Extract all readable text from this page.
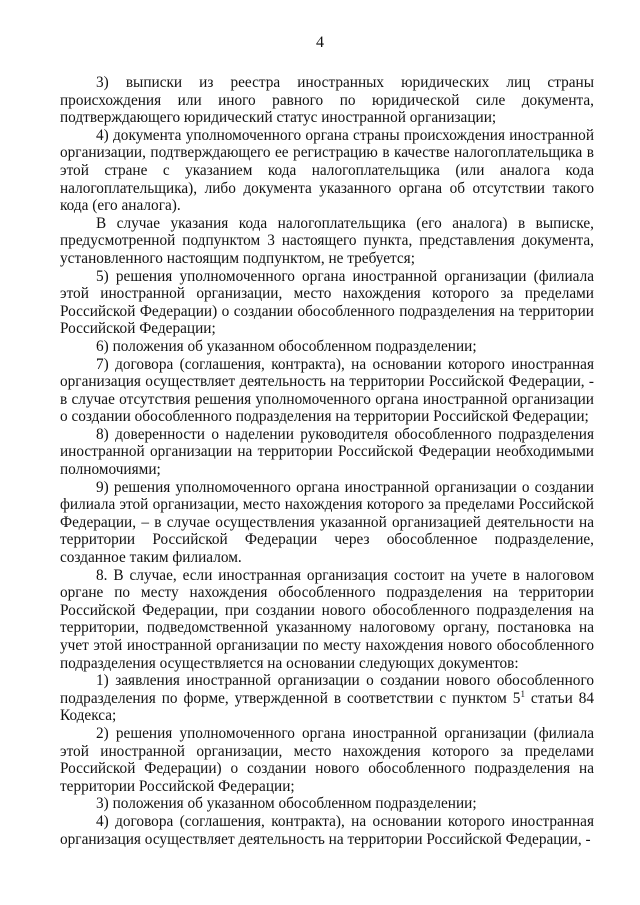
4

3) выписки из реестра иностранных юридических лиц страны происхождения или иного равного по юридической силе документа, подтверждающего юридический статус иностранной организации;

4) документа уполномоченного органа страны происхождения иностранной организации, подтверждающего ее регистрацию в качестве налогоплательщика в этой стране с указанием кода налогоплательщика (или аналога кода налогоплательщика), либо документа указанного органа об отсутствии такого кода (его аналога).

В случае указания кода налогоплательщика (его аналога) в выписке, предусмотренной подпунктом 3 настоящего пункта, представления документа, установленного настоящим подпунктом, не требуется;

5) решения уполномоченного органа иностранной организации (филиала этой иностранной организации, место нахождения которого за пределами Российской Федерации) о создании обособленного подразделения на территории Российской Федерации;

6) положения об указанном обособленном подразделении;

7) договора (соглашения, контракта), на основании которого иностранная организация осуществляет деятельность на территории Российской Федерации, - в случае отсутствия решения уполномоченного органа иностранной организации о создании обособленного подразделения на территории Российской Федерации;

8) доверенности о наделении руководителя обособленного подразделения иностранной организации на территории Российской Федерации необходимыми полномочиями;

9) решения уполномоченного органа иностранной организации о создании филиала этой организации, место нахождения которого за пределами Российской Федерации, – в случае осуществления указанной организацией деятельности на территории Российской Федерации через обособленное подразделение, созданное таким филиалом.

8. В случае, если иностранная организация состоит на учете в налоговом органе по месту нахождения обособленного подразделения на территории Российской Федерации, при создании нового обособленного подразделения на территории, подведомственной указанному налоговому органу, постановка на учет этой иностранной организации по месту нахождения нового обособленного подразделения осуществляется на основании следующих документов:

1) заявления иностранной организации о создании нового обособленного подразделения по форме, утвержденной в соответствии с пунктом $5^1$ статьи 84 Кодекса;

2) решения уполномоченного органа иностранной организации (филиала этой иностранной организации, место нахождения которого за пределами Российской Федерации) о создании нового обособленного подразделения на территории Российской Федерации;

3) положения об указанном обособленном подразделении;

4) договора (соглашения, контракта), на основании которого иностранная организация осуществляет деятельность на территории Российской Федерации, -
